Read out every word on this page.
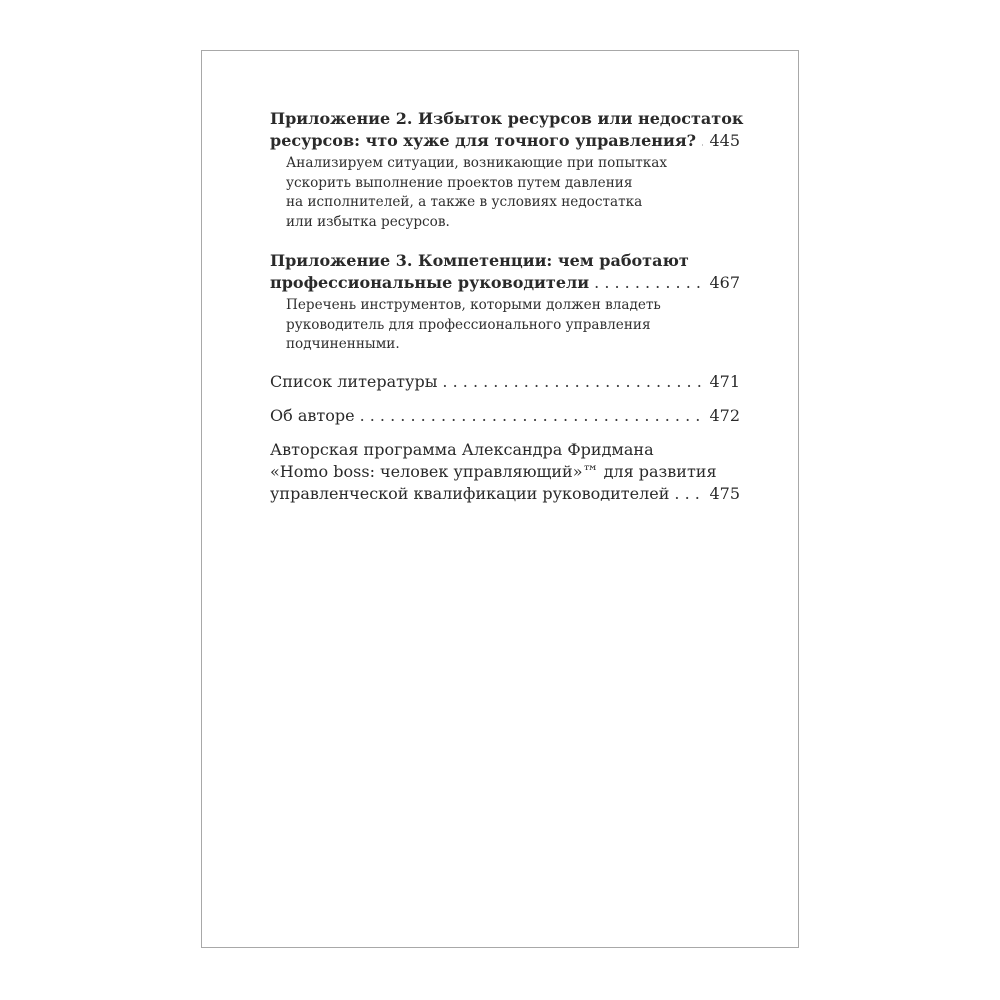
Приложение 2. Избыток ресурсов или недостаток
ресурсов: что хуже для точного управления? . . . 445
Анализируем ситуации, возникающие при попытках
ускорить выполнение проектов путем давления
на исполнителей, а также в условиях недостатка
или избытка ресурсов.
Приложение 3. Компетенции: чем работают
профессиональные руководители . . .	467
Перечень инструментов, которыми должен владеть
руководитель для профессионального управления
подчиненными.
Список литературы . . .	471
Об авторе . . .	472
Авторская программа Александра Фридмана
«Homo boss: человек управляющий»™ для развития
управленческой квалификации руководителей . . .	475
